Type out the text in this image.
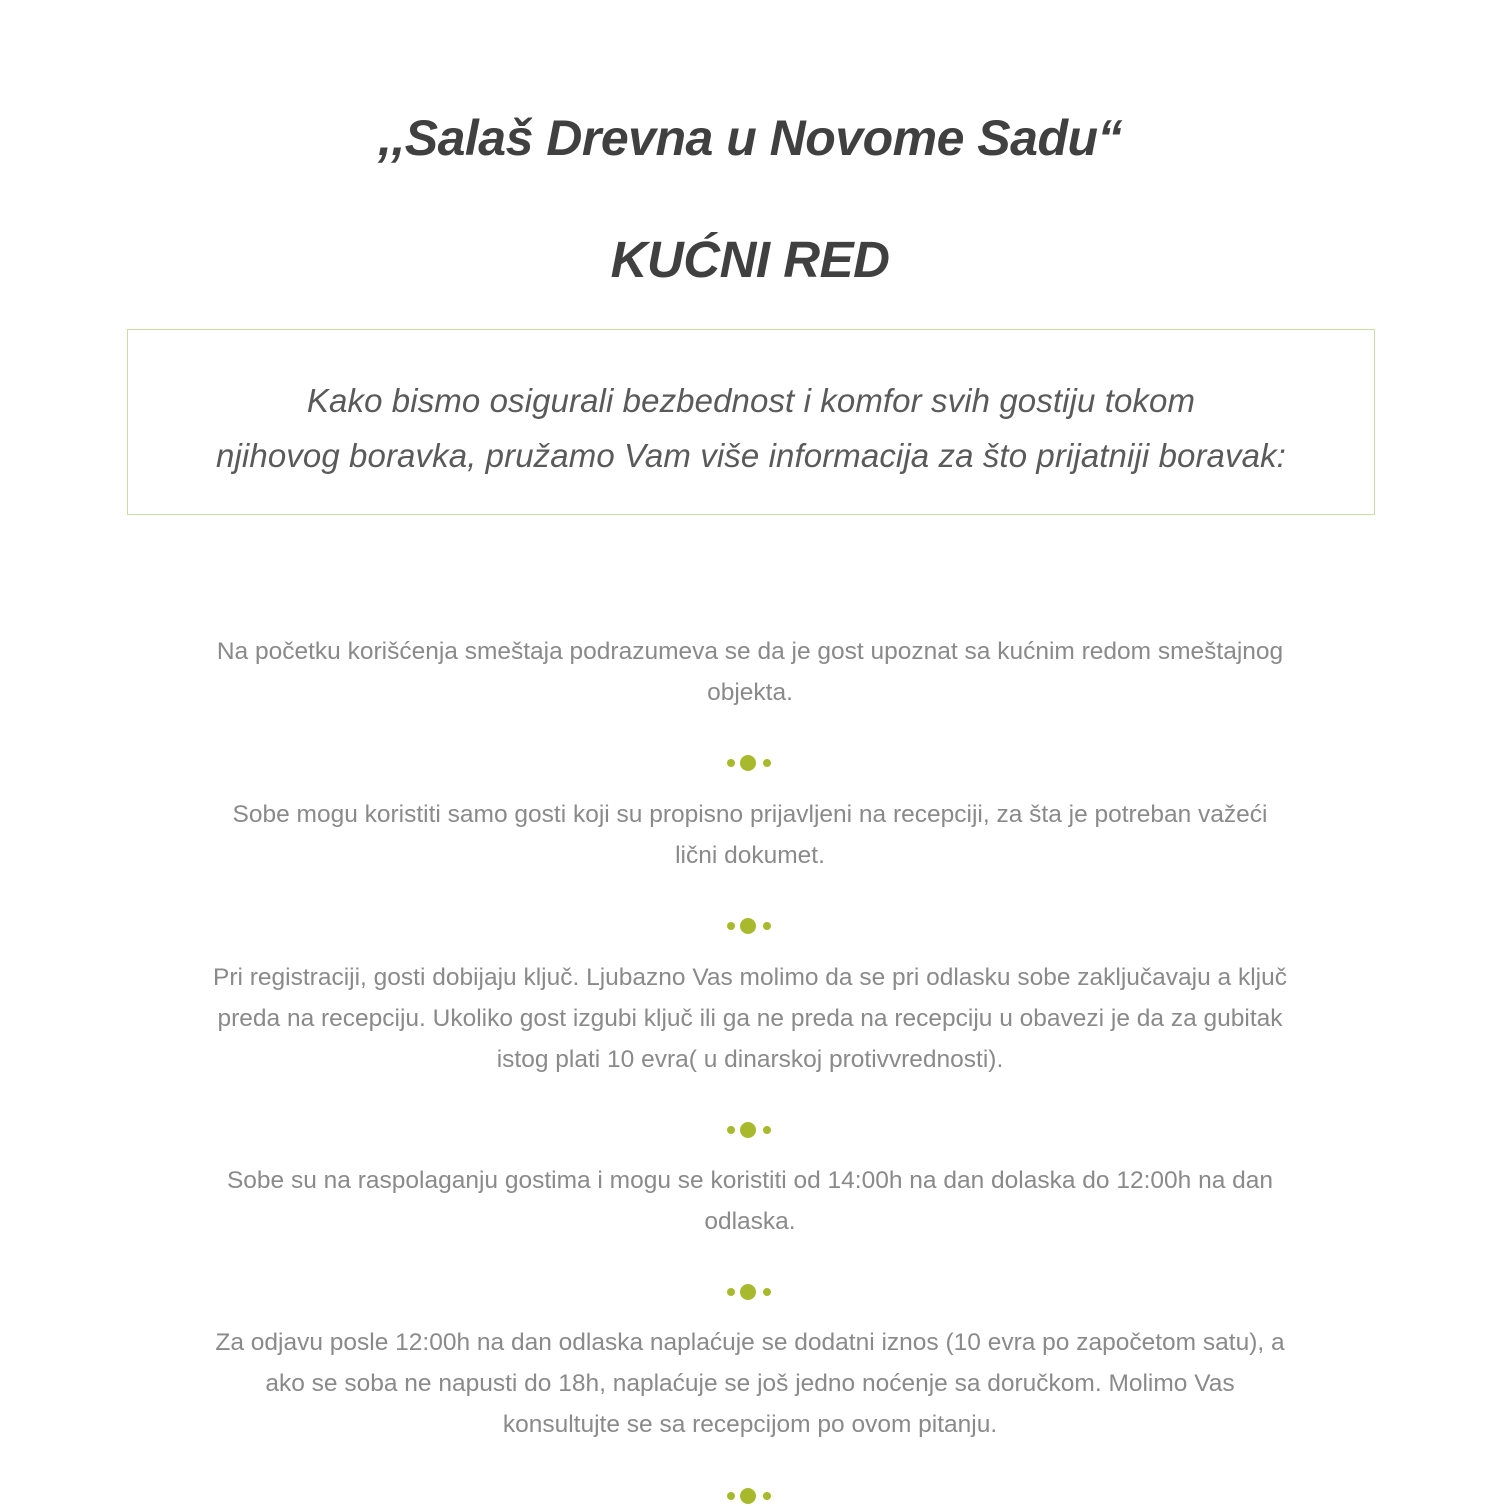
,,Salaš Drevna u Novome Sadu“
KUĆNI RED

Kako bismo osigurali bezbednost i komfor svih gostiju tokom
njihovog boravka, pružamo Vam više informacija za što prijatniji boravak:

Na početku korišćenja smeštaja podrazumeva se da je gost upoznat sa kućnim redom smeštajnog
objekta.

Sobe mogu koristiti samo gosti koji su propisno prijavljeni na recepciji, za šta je potreban važeći
lični dokumet.

Pri registraciji, gosti dobijaju ključ. Ljubazno Vas molimo da se pri odlasku sobe zaključavaju a ključ
preda na recepciju. Ukoliko gost izgubi ključ ili ga ne preda na recepciju u obavezi je da za gubitak
istog plati 10 evra( u dinarskoj protivvrednosti).

Sobe su na raspolaganju gostima i mogu se koristiti od 14:00h na dan dolaska do 12:00h na dan
odlaska.

Za odjavu posle 12:00h na dan odlaska naplaćuje se dodatni iznos (10 evra po započetom satu), a
ako se soba ne napusti do 18h, naplaćuje se još jedno noćenje sa doručkom. Molimo Vas
konsultujte se sa recepcijom po ovom pitanju.
